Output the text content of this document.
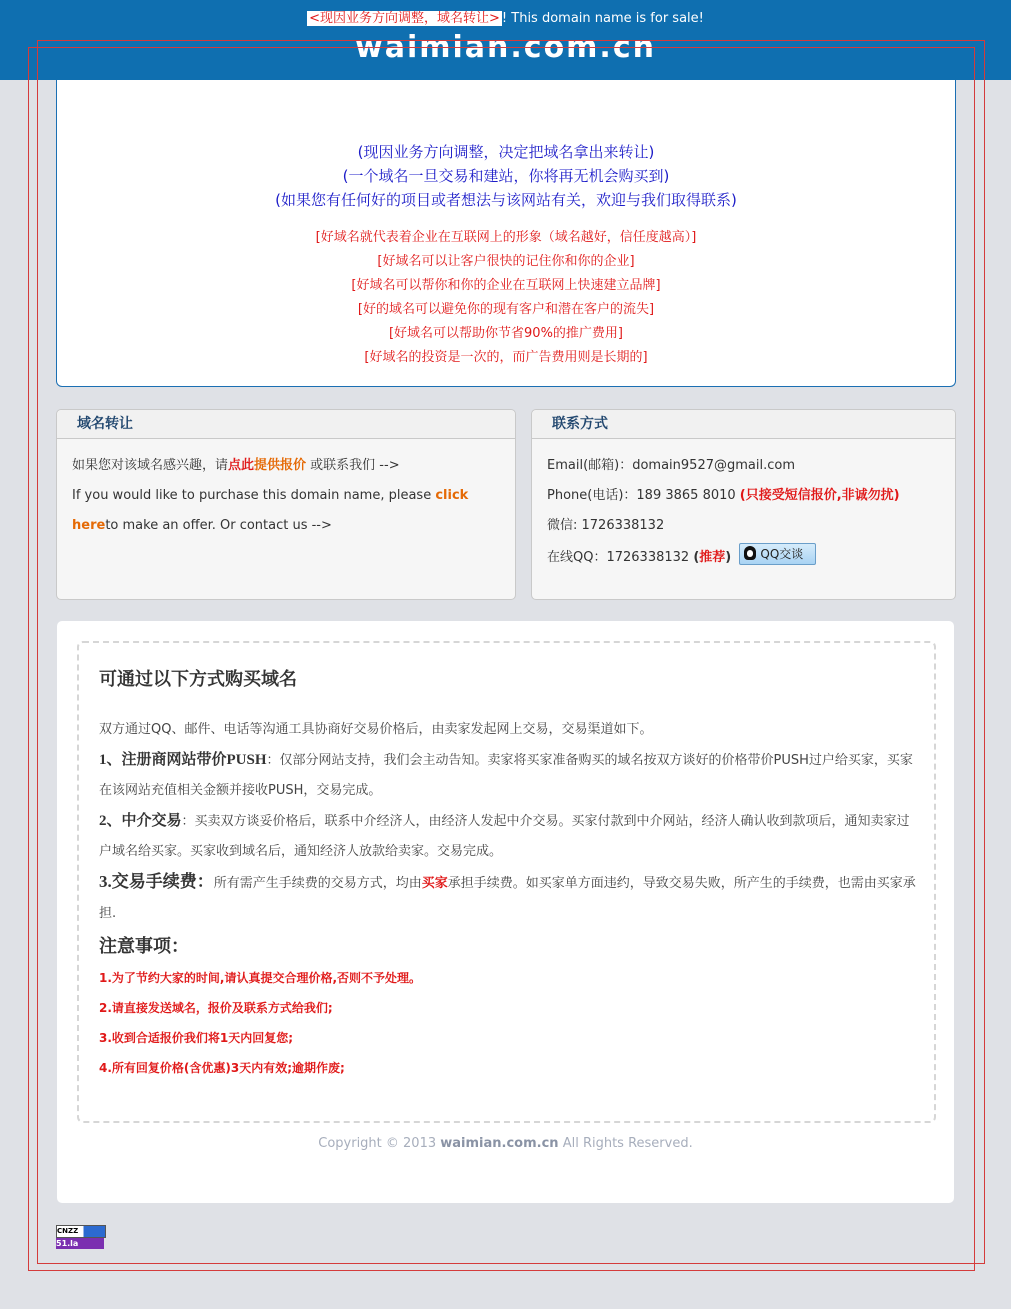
<现因业务方向调整，域名转让> ! This domain name is for sale!
waimian.com.cn
(现因业务方向调整，决定把域名拿出来转让)
(一个域名一旦交易和建站，你将再无机会购买到)
(如果您有任何好的项目或者想法与该网站有关，欢迎与我们取得联系)
[好域名就代表着企业在互联网上的形象（域名越好，信任度越高）]
[好域名可以让客户很快的记住你和你的企业]
[好域名可以帮你和你的企业在互联网上快速建立品牌]
[好的域名可以避免你的现有客户和潜在客户的流失]
[好域名可以帮助你节省90%的推广费用]
[好域名的投资是一次的，而广告费用则是长期的]
域名转让

如果您对该域名感兴趣，请点此提供报价 或联系我们 -->

If you would like to purchase this domain name, please click
hereto make an offer. Or contact us -->

联系方式

Email(邮箱)：domain9527@gmail.com

Phone(电话)：189 3865 8010 (只接受短信报价,非诚勿扰)

微信: 1726338132

在线QQ：1726338132 (推荐) QQ交谈

可通过以下方式购买域名

双方通过QQ、邮件、电话等沟通工具协商好交易价格后，由卖家发起网上交易，交易渠道如下。

1、注册商网站带价PUSH：仅部分网站支持，我们会主动告知。卖家将买家准备购买的域名按双方谈好的价格带价PUSH过户给买家，买家在该网站充值相关金额并接收PUSH，交易完成。

2、中介交易：买卖双方谈妥价格后，联系中介经济人，由经济人发起中介交易。买家付款到中介网站，经济人确认收到款项后，通知卖家过户域名给买家。买家收到域名后，通知经济人放款给卖家。交易完成。

3.交易手续费：所有需产生手续费的交易方式，均由买家承担手续费。如买家单方面违约，导致交易失败，所产生的手续费，也需由买家承担.

注意事项：
1.为了节约大家的时间,请认真提交合理价格,否则不予处理。
2.请直接发送域名，报价及联系方式给我们;
3.收到合适报价我们将1天内回复您;
4.所有回复价格(含优惠)3天内有效;逾期作废;
Copyright © 2013 waimian.com.cn All Rights Reserved.
CNZZ
51.la
